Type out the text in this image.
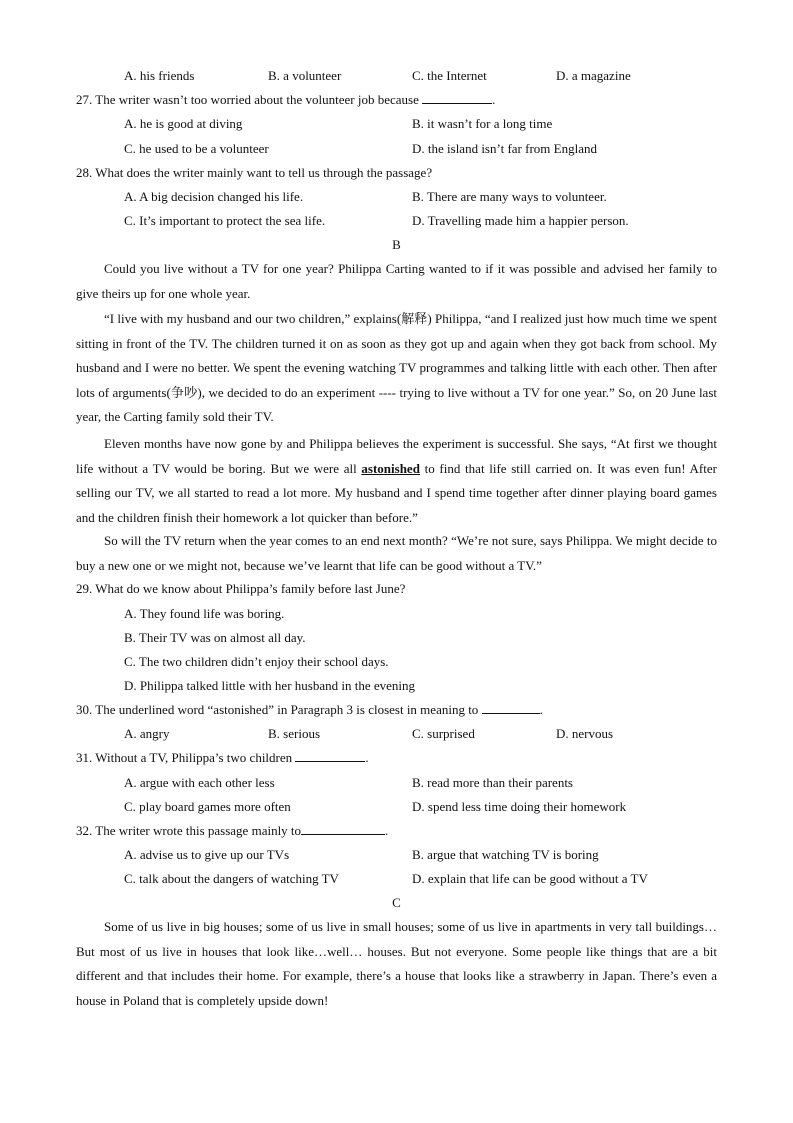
A. his friends	B. a volunteer	C. the Internet	D. a magazine
27. The writer wasn’t too worried about the volunteer job because	.
A. he is good at diving	B. it wasn’t for a long time
C. he used to be a volunteer	D. the island isn’t far from England
28. What does the writer mainly want to tell us through the passage?
A. A big decision changed his life.	B. There are many ways to volunteer.
C. It’s important to protect the sea life.	D. Travelling made him a happier person.
B
Could you live without a TV for one year? Philippa Carting wanted to if it was possible and advised her family to give theirs up for one whole year.
“I live with my husband and our two children,” explains(解释) Philippa, “and I realized just how much time we spent sitting in front of the TV. The children turned it on as soon as they got up and again when they got back from school. My husband and I were no better. We spent the evening watching TV programmes and talking little with each other. Then after lots of arguments(争吵), we decided to do an experiment ---- trying to live without a TV for one year.” So, on 20 June last year, the Carting family sold their TV.
Eleven months have now gone by and Philippa believes the experiment is successful. She says, “At first we thought life without a TV would be boring. But we were all astonished to find that life still carried on. It was even fun! After selling our TV, we all started to read a lot more. My husband and I spend time together after dinner playing board games and the children finish their homework a lot quicker than before.”
So will the TV return when the year comes to an end next month? “We’re not sure, says Philippa. We might decide to buy a new one or we might not, because we’ve learnt that life can be good without a TV.”
29. What do we know about Philippa’s family before last June?
A. They found life was boring.
B. Their TV was on almost all day.
C. The two children didn’t enjoy their school days.
D. Philippa talked little with her husband in the evening
30. The underlined word “astonished” in Paragraph 3 is closest in meaning to	.
A. angry	B. serious	C. surprised	D. nervous
31. Without a TV, Philippa’s two children	.
A. argue with each other less	B. read more than their parents
C. play board games more often	D. spend less time doing their homework
32. The writer wrote this passage mainly to	.
A. advise us to give up our TVs	B. argue that watching TV is boring
C. talk about the dangers of watching TV	D. explain that life can be good without a TV
C
Some of us live in big houses; some of us live in small houses; some of us live in apartments in very tall buildings…But most of us live in houses that look like…well… houses. But not everyone. Some people like things that are a bit different and that includes their home. For example, there’s a house that looks like a strawberry in Japan. There’s even a house in Poland that is completely upside down!
